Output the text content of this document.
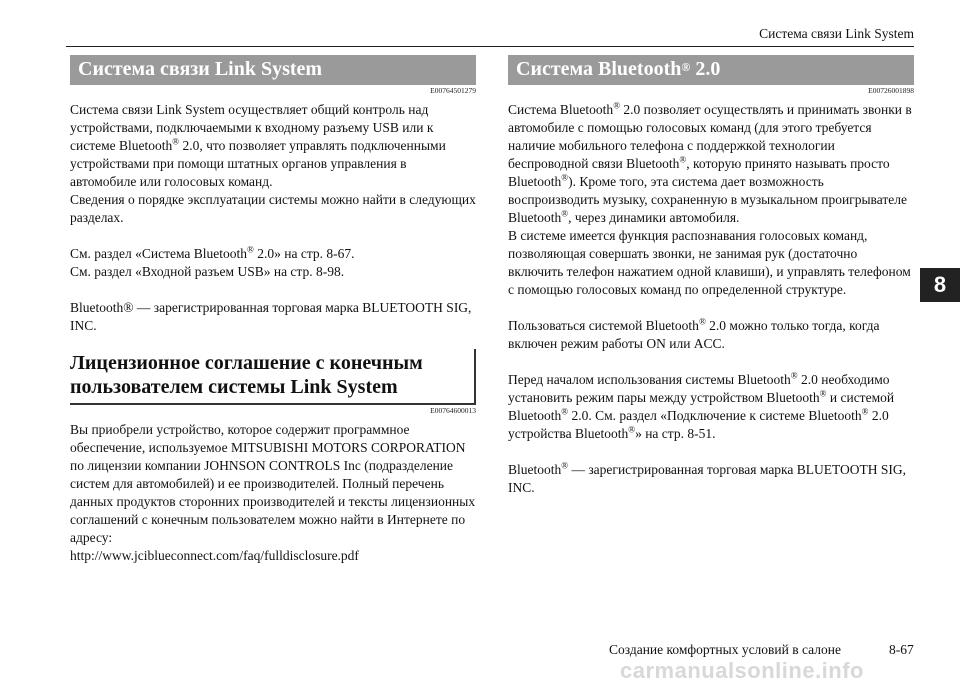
Система связи Link System
8
Система связи Link System
E00764501279

Система связи Link System осуществляет общий контроль над устройствами, подключаемыми к входному разъему USB или к системе Bluetooth® 2.0, что позволяет управлять подключенными устройствами при помощи штатных органов управления в автомобиле или голосовых команд.
Сведения о порядке эксплуатации системы можно найти в следующих разделах.

См. раздел «Система Bluetooth® 2.0» на стр. 8-67.
См. раздел «Входной разъем USB» на стр. 8-98.

Bluetooth® — зарегистрированная торговая марка BLUETOOTH SIG, INC.

Лицензионное соглашение с конечным
пользователем системы Link System
E00764600013

Вы приобрели устройство, которое содержит программное обеспечение, используемое MITSUBISHI MOTORS CORPORATION по лицензии компании JOHNSON CONTROLS Inc (подразделение систем для автомобилей) и ее производителей. Полный перечень данных продуктов сторонних производителей и тексты лицензионных соглашений с конечным пользователем можно найти в Интернете по адресу:
http://www.jciblueconnect.com/faq/fulldisclosure.pdf

Система Bluetooth® 2.0
E00726001898

Система Bluetooth® 2.0 позволяет осуществлять и принимать звонки в автомобиле с помощью голосовых команд (для этого требуется наличие мобильного телефона с поддержкой технологии беспроводной связи Bluetooth®, которую принято называть просто Bluetooth®). Кроме того, эта система дает возможность воспроизводить музыку, сохраненную в музыкальном проигрывателе Bluetooth®, через динамики автомобиля.
В системе имеется функция распознавания голосовых команд, позволяющая совершать звонки, не занимая рук (достаточно включить телефон нажатием одной клавиши), и управлять телефоном с помощью голосовых команд по определенной структуре.

Пользоваться системой Bluetooth® 2.0 можно только тогда, когда включен режим работы ON или ACC.

Перед началом использования системы Bluetooth® 2.0 необходимо установить режим пары между устройством Bluetooth® и системой Bluetooth® 2.0. См. раздел «Подключение к системе Bluetooth® 2.0 устройства Bluetooth®» на стр. 8-51.

Bluetooth® — зарегистрированная торговая марка BLUETOOTH SIG, INC.

Создание комфортных условий в салоне	8-67
carmanualsonline.info
